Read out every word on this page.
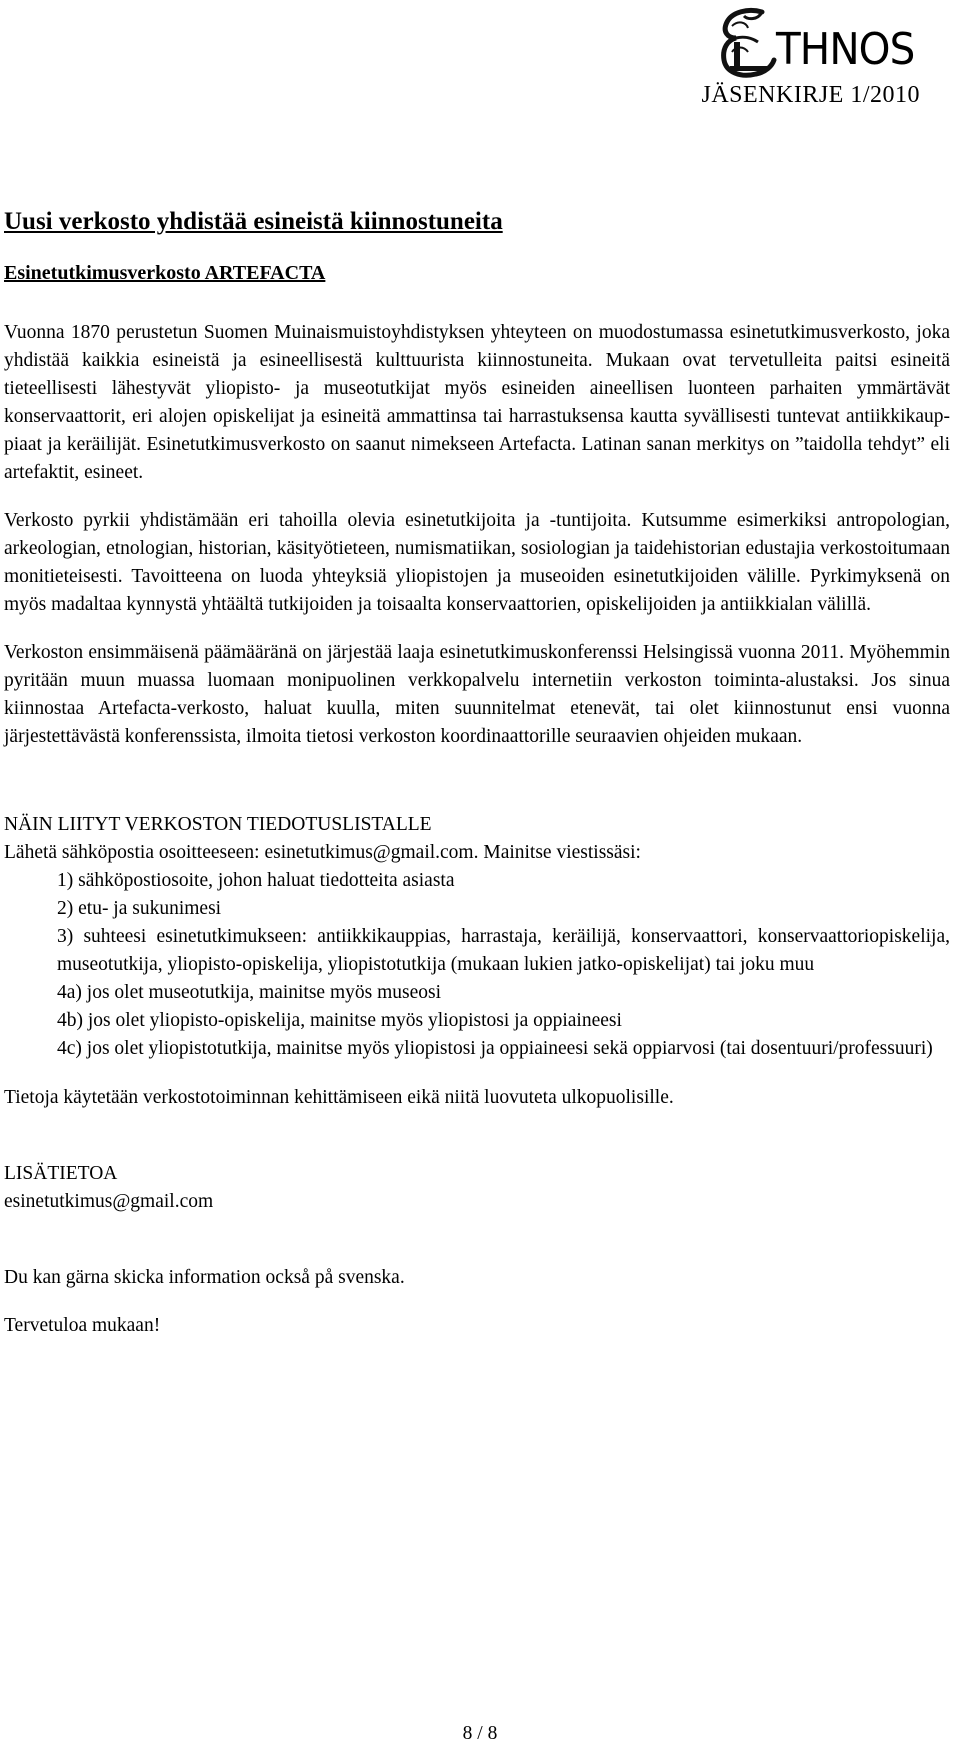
THNOS
JÄSENKIRJE 1/2010
Uusi verkosto yhdistää esineistä kiinnostuneita
Esinetutkimusverkosto ARTEFACTA

Vuonna 1870 perustetun Suomen Muinaismuistoyhdistyksen yhteyteen on muodostumassa esinetutkimusverkosto, joka yhdistää kaikkia esineistä ja esineellisestä kulttuurista kiinnostuneita. Mukaan ovat tervetulleita paitsi esineitä tieteellisesti lähestyvät yliopisto- ja museotutkijat myös esineiden aineellisen luonteen parhaiten ymmärtävät konservaattorit, eri alojen opiskelijat ja esineitä ammattinsa tai harrastuksensa kautta syvällisesti tuntevat antiikkikauppiaat ja keräilijät. Esinetutkimusverkosto on saanut nimekseen Artefacta. Latinan sanan merkitys on ”taidolla tehdyt” eli artefaktit, esineet.

Verkosto pyrkii yhdistämään eri tahoilla olevia esinetutkijoita ja -tuntijoita. Kutsumme esimerkiksi antropologian, arkeologian, etnologian, historian, käsityötieteen, numismatiikan, sosiologian ja taidehistorian edustajia verkostoitumaan monitieteisesti. Tavoitteena on luoda yhteyksiä yliopistojen ja museoiden esinetutkijoiden välille. Pyrkimyksenä on myös madaltaa kynnystä yhtäältä tutkijoiden ja toisaalta konservaattorien, opiskelijoiden ja antiikkialan välillä.

Verkoston ensimmäisenä päämääränä on järjestää laaja esinetutkimuskonferenssi Helsingissä vuonna 2011. Myöhemmin pyritään muun muassa luomaan monipuolinen verkkopalvelu internetiin verkoston toiminta-alustaksi. Jos sinua kiinnostaa Artefacta-verkosto, haluat kuulla, miten suunnitelmat etenevät, tai olet kiinnostunut ensi vuonna järjestettävästä konferenssista, ilmoita tietosi verkoston koordinaattorille seuraavien ohjeiden mukaan.

NÄIN LIITYT VERKOSTON TIEDOTUSLISTALLE
Lähetä sähköpostia osoitteeseen: esinetutkimus@gmail.com. Mainitse viestissäsi:
1) sähköpostiosoite, johon haluat tiedotteita asiasta
2) etu- ja sukunimesi
3) suhteesi esinetutkimukseen: antiikkikauppias, harrastaja, keräilijä, konservaattori, konservaattoriopiskelija, museotutkija, yliopisto-opiskelija, yliopistotutkija (mukaan lukien jatko-opiskelijat) tai joku muu
4a) jos olet museotutkija, mainitse myös museosi
4b) jos olet yliopisto-opiskelija, mainitse myös yliopistosi ja oppiaineesi
4c) jos olet yliopistotutkija, mainitse myös yliopistosi ja oppiaineesi sekä oppiarvosi (tai dosentuuri/professuuri)
Tietoja käytetään verkostotoiminnan kehittämiseen eikä niitä luovuteta ulkopuolisille.
LISÄTIETOA
esinetutkimus@gmail.com
Du kan gärna skicka information också på svenska.
Tervetuloa mukaan!
8 / 8
